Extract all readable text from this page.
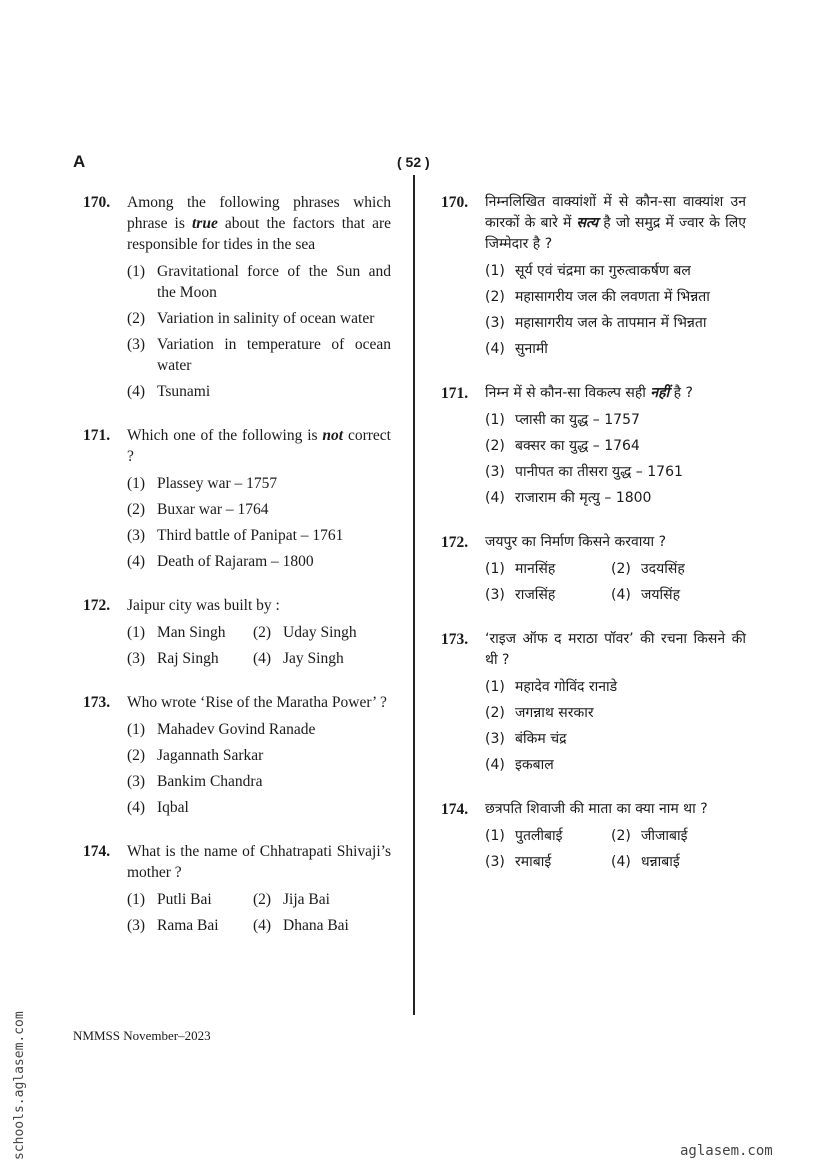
A	( 52 )
170.	Among the following phrases which phrase is true about the factors that are responsible for tides in the sea
(1) Gravitational force of the Sun and the Moon
(2) Variation in salinity of ocean water
(3) Variation in temperature of ocean water
(4) Tsunami
171.	Which one of the following is not correct ?
(1) Plassey war – 1757
(2) Buxar war – 1764
(3) Third battle of Panipat – 1761
(4) Death of Rajaram – 1800
172.	Jaipur city was built by :
(1) Man Singh	(2) Uday Singh
(3) Raj Singh	(4) Jay Singh
173.	Who wrote ‘Rise of the Maratha Power’ ?
(1) Mahadev Govind Ranade
(2) Jagannath Sarkar
(3) Bankim Chandra
(4) Iqbal
174.	What is the name of Chhatrapati Shivaji’s mother ?
(1) Putli Bai	(2) Jija Bai
(3) Rama Bai	(4) Dhana Bai
170.	निम्नलिखित वाक्यांशों में से कौन-सा वाक्यांश उन कारकों के बारे में सत्य है जो समुद्र में ज्वार के लिए जिम्मेदार है ?
(1) सूर्य एवं चंद्रमा का गुरुत्वाकर्षण बल
(2) महासागरीय जल की लवणता में भिन्नता
(3) महासागरीय जल के तापमान में भिन्नता
(4) सुनामी
171.	निम्न में से कौन-सा विकल्प सही नहीं है ?
(1) प्लासी का युद्ध – 1757
(2) बक्सर का युद्ध – 1764
(3) पानीपत का तीसरा युद्ध – 1761
(4) राजाराम की मृत्यु – 1800
172.	जयपुर का निर्माण किसने करवाया ?
(1) मानसिंह	(2) उदयसिंह
(3) राजसिंह	(4) जयसिंह
173.	‘राइज ऑफ द मराठा पॉवर’ की रचना किसने की थी ?
(1) महादेव गोविंद रानाडे
(2) जगन्नाथ सरकार
(3) बंकिम चंद्र
(4) इकबाल
174.	छत्रपति शिवाजी की माता का क्या नाम था ?
(1) पुतलीबाई	(2) जीजाबाई
(3) रमाबाई	(4) धन्नाबाई
NMMSS November–2023
schools.aglasem.com	aglasem.com
